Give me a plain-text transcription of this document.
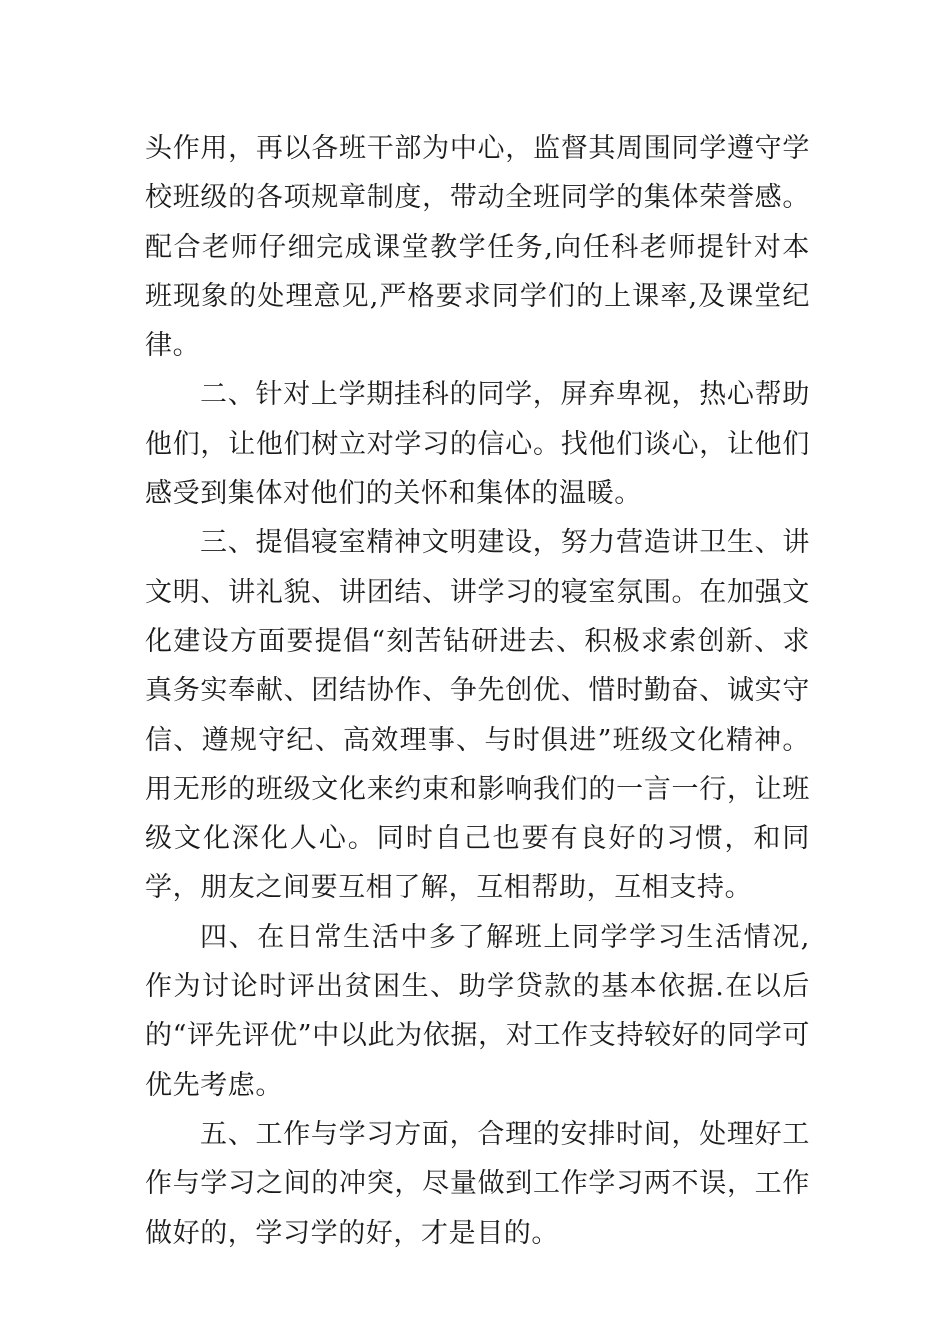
头作用，再以各班干部为中心，监督其周围同学遵守学校班级的各项规章制度，带动全班同学的集体荣誉感。配合老师仔细完成课堂教学任务,向任科老师提针对本班现象的处理意见,严格要求同学们的上课率,及课堂纪律。

二、针对上学期挂科的同学，屏弃卑视，热心帮助他们，让他们树立对学习的信心。找他们谈心，让他们感受到集体对他们的关怀和集体的温暖。

三、提倡寝室精神文明建设，努力营造讲卫生、讲文明、讲礼貌、讲团结、讲学习的寝室氛围。在加强文化建设方面要提倡“刻苦钻研进去、积极求索创新、求真务实奉献、团结协作、争先创优、惜时勤奋、诚实守信、遵规守纪、高效理事、与时俱进”班级文化精神。用无形的班级文化来约束和影响我们的一言一行，让班级文化深化人心。同时自己也要有良好的习惯，和同学，朋友之间要互相了解，互相帮助，互相支持。

四、在日常生活中多了解班上同学学习生活情况,作为讨论时评出贫困生、助学贷款的基本依据.在以后的“评先评优”中以此为依据，对工作支持较好的同学可优先考虑。

五、工作与学习方面，合理的安排时间，处理好工作与学习之间的冲突，尽量做到工作学习两不误，工作做好的，学习学的好，才是目的。
